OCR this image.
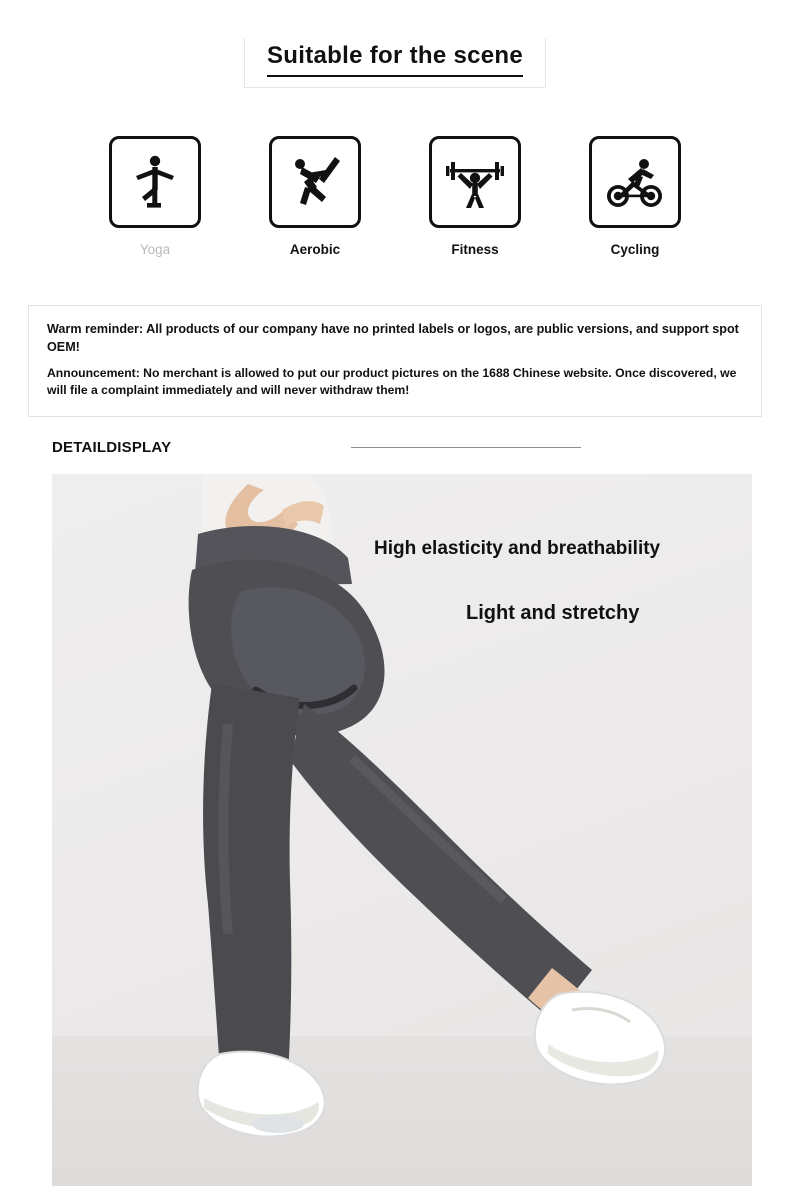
Suitable for the scene
Yoga	Aerobic	Fitness	Cycling

Warm reminder: All products of our company have no printed labels or logos, are public versions, and support spot OEM!

Announcement: No merchant is allowed to put our product pictures on the 1688 Chinese website. Once discovered, we will file a complaint immediately and will never withdraw them!

DETAILDISPLAY
High elasticity and breathability
Light and stretchy
